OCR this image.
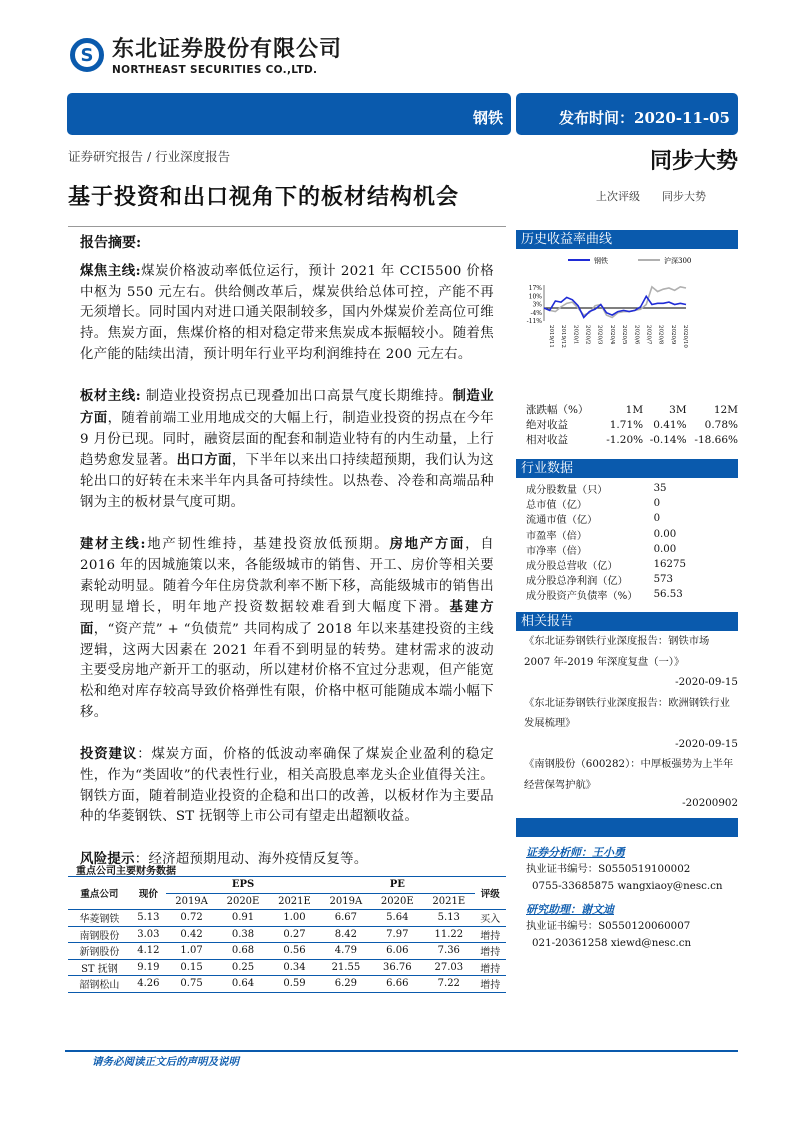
S 东北证券股份有限公司
NORTHEAST SECURITIES CO.,LTD.
钢铁	发布时间：2020-11-05
证券研究报告 / 行业深度报告	同步大势
基于投资和出口视角下的板材结构机会	上次评级 同步大势
报告摘要:
煤焦主线:煤炭价格波动率低位运行，预计 2021 年 CCI5500 价格中枢为 550 元左右。供给侧改革后，煤炭供给总体可控，产能不再无须增长。同时国内对进口通关限制较多，国内外煤炭价差高位可维持。焦炭方面，焦煤价格的相对稳定带来焦炭成本振幅较小。随着焦化产能的陆续出清，预计明年行业平均利润维持在 200 元左右。
板材主线: 制造业投资拐点已现叠加出口高景气度长期维持。制造业方面，随着前端工业用地成交的大幅上行，制造业投资的拐点在今年 9 月份已现。同时，融资层面的配套和制造业特有的内生动量，上行趋势愈发显著。出口方面，下半年以来出口持续超预期，我们认为这轮出口的好转在未来半年内具备可持续性。以热卷、冷卷和高端品种钢为主的板材景气度可期。
建材主线:地产韧性维持，基建投资放低预期。房地产方面，自 2016 年的因城施策以来，各能级城市的销售、开工、房价等相关要素轮动明显。随着今年住房贷款利率不断下移，高能级城市的销售出现明显增长，明年地产投资数据较难看到大幅度下滑。基建方面，“资产荒” + “负债荒” 共同构成了 2018 年以来基建投资的主线逻辑，这两大因素在 2021 年看不到明显的转势。建材需求的波动主要受房地产新开工的驱动，所以建材价格不宜过分悲观，但产能宽松和绝对库存较高导致价格弹性有限，价格中枢可能随成本端小幅下移。
投资建议：煤炭方面，价格的低波动率确保了煤炭企业盈利的稳定性，作为“类固收”的代表性行业，相关高股息率龙头企业值得关注。钢铁方面，随着制造业投资的企稳和出口的改善，以板材作为主要品种的华菱钢铁、ST 抚钢等上市公司有望走出超额收益。
风险提示：经济超预期甩动、海外疫情反复等。
历史收益率曲线
钢铁	沪深300
17%
10%
3%
-4%
-11%
2019/11 2019/12 2020/1 2020/2 2020/3 2020/4 2020/5 2020/6 2020/7 2020/8 2020/9 2020/10
涨跌幅（%）	1M	3M	12M
绝对收益	1.71%	0.41%	0.78%
相对收益	-1.20%	-0.14%	-18.66%
行业数据
成分股数量（只）	35
总市值（亿）	0
流通市值（亿）	0
市盈率（倍）	0.00
市净率（倍）	0.00
成分股总营收（亿）	16275
成分股总净利润（亿）	573
成分股资产负债率（%）	56.53
相关报告
《东北证券钢铁行业深度报告：钢铁市场 2007 年-2019 年深度复盘（一）》
-2020-09-15
《东北证券钢铁行业深度报告：欧洲钢铁行业发展梳理》
-2020-09-15
《南钢股份（600282）：中厚板强势为上半年经营保驾护航》
-20200902
证券分析师：王小勇
执业证书编号：S0550519100002
0755-33685875 wangxiaoy@nesc.cn
研究助理：谢文迪
执业证书编号：S0550120060007
021-20361258 xiewd@nesc.cn
重点公司主要财务数据
重点公司	现价	EPS			PE			评级
		2019A	2020E	2021E	2019A	2020E	2021E	
华菱钢铁	5.13	0.72	0.91	1.00	6.67	5.64	5.13	买入
南钢股份	3.03	0.42	0.38	0.27	8.42	7.97	11.22	增持
新钢股份	4.12	1.07	0.68	0.56	4.79	6.06	7.36	增持
ST 抚钢	9.19	0.15	0.25	0.34	21.55	36.76	27.03	增持
韶钢松山	4.26	0.75	0.64	0.59	6.29	6.66	7.22	增持
请务必阅读正文后的声明及说明
